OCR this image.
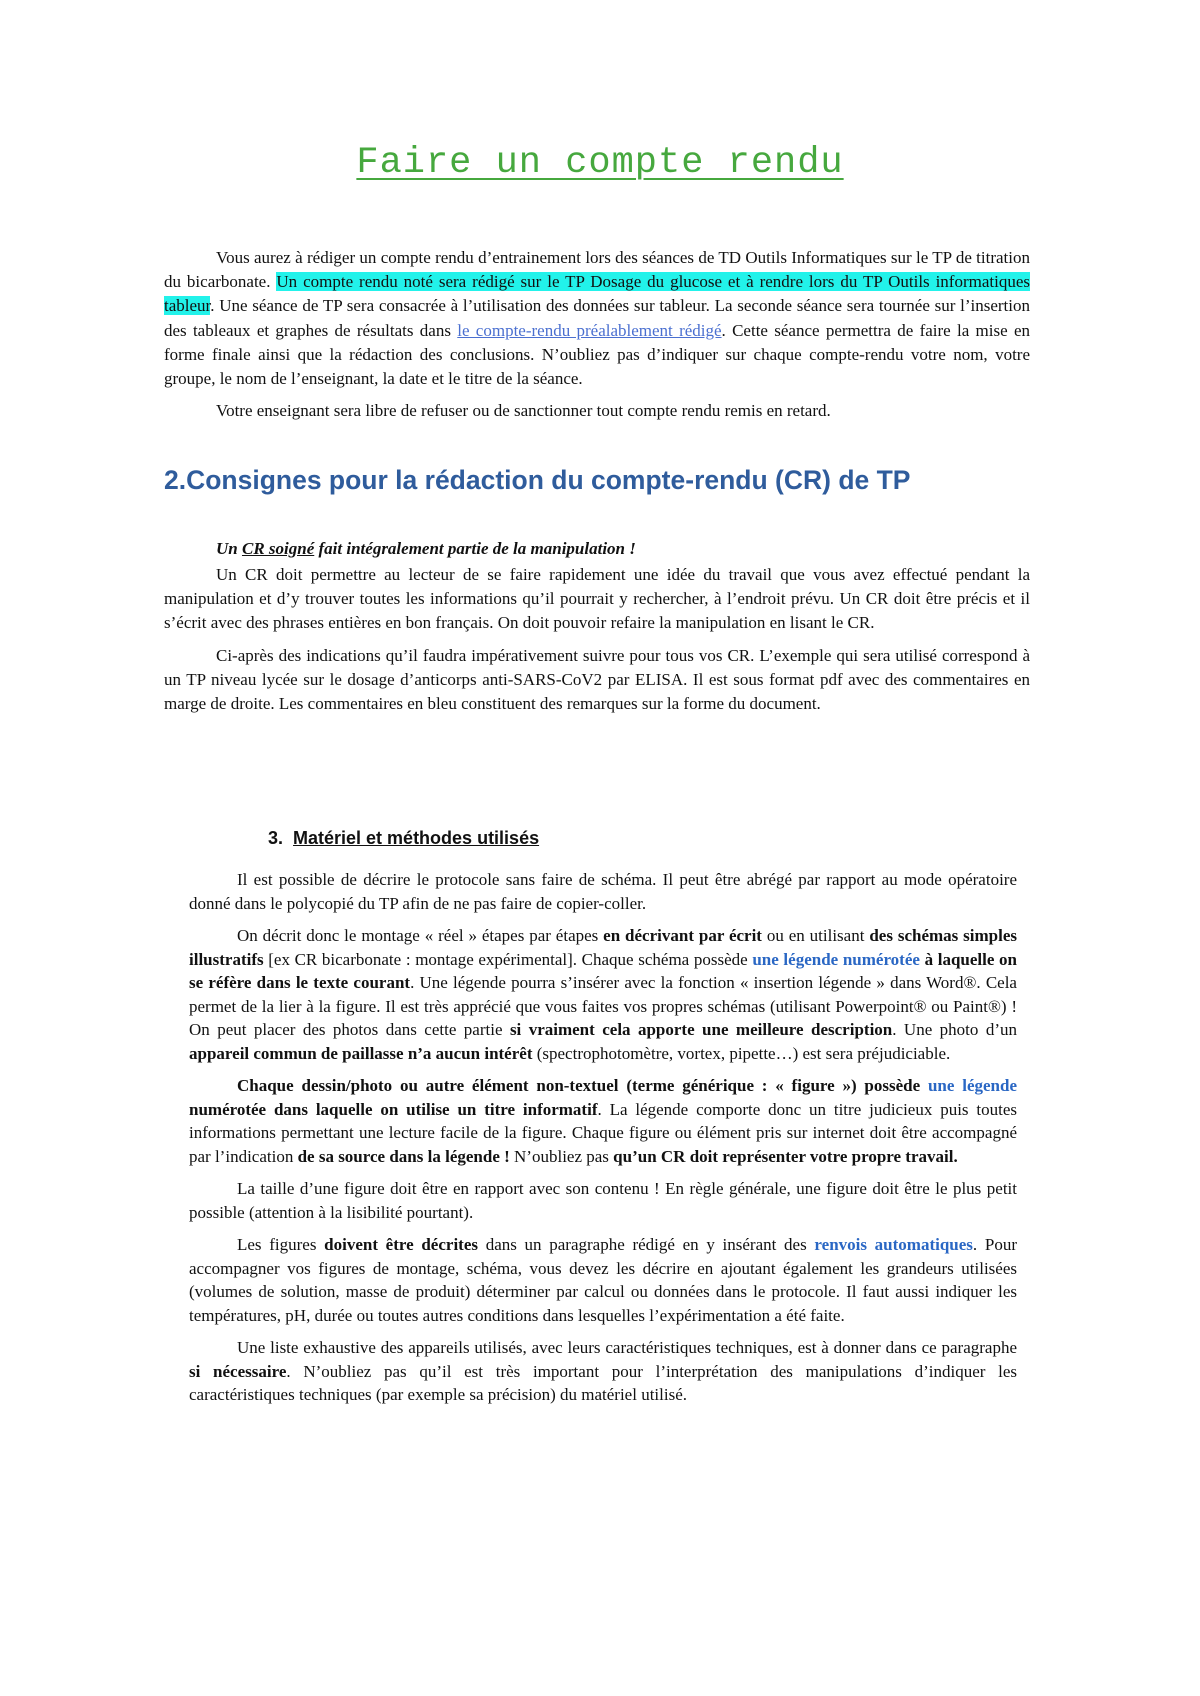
Faire un compte rendu

Vous aurez à rédiger un compte rendu d’entrainement lors des séances de TD Outils Informatiques sur le TP de titration du bicarbonate. Un compte rendu noté sera rédigé sur le TP Dosage du glucose et à rendre lors du TP Outils informatiques tableur. Une séance de TP sera consacrée à l’utilisation des données sur tableur. La seconde séance sera tournée sur l’insertion des tableaux et graphes de résultats dans le compte-rendu préalablement rédigé. Cette séance permettra de faire la mise en forme finale ainsi que la rédaction des conclusions. N’oubliez pas d’indiquer sur chaque compte-rendu votre nom, votre groupe, le nom de l’enseignant, la date et le titre de la séance.

Votre enseignant sera libre de refuser ou de sanctionner tout compte rendu remis en retard.

2.Consignes pour la rédaction du compte-rendu (CR) de TP

Un CR soigné fait intégralement partie de la manipulation !

Un CR doit permettre au lecteur de se faire rapidement une idée du travail que vous avez effectué pendant la manipulation et d’y trouver toutes les informations qu’il pourrait y rechercher, à l’endroit prévu. Un CR doit être précis et il s’écrit avec des phrases entières en bon français. On doit pouvoir refaire la manipulation en lisant le CR.

Ci-après des indications qu’il faudra impérativement suivre pour tous vos CR. L’exemple qui sera utilisé correspond à un TP niveau lycée sur le dosage d’anticorps anti-SARS-CoV2 par ELISA. Il est sous format pdf avec des commentaires en marge de droite. Les commentaires en bleu constituent des remarques sur la forme du document.

3. Matériel et méthodes utilisés

Il est possible de décrire le protocole sans faire de schéma. Il peut être abrégé par rapport au mode opératoire donné dans le polycopié du TP afin de ne pas faire de copier-coller.

On décrit donc le montage « réel » étapes par étapes en décrivant par écrit ou en utilisant des schémas simples illustratifs [ex CR bicarbonate : montage expérimental]. Chaque schéma possède une légende numérotée à laquelle on se réfère dans le texte courant. Une légende pourra s’insérer avec la fonction « insertion légende » dans Word®. Cela permet de la lier à la figure. Il est très apprécié que vous faites vos propres schémas (utilisant Powerpoint® ou Paint®) ! On peut placer des photos dans cette partie si vraiment cela apporte une meilleure description. Une photo d’un appareil commun de paillasse n’a aucun intérêt (spectrophotomètre, vortex, pipette…) est sera préjudiciable.

Chaque dessin/photo ou autre élément non-textuel (terme générique : « figure ») possède une légende numérotée dans laquelle on utilise un titre informatif. La légende comporte donc un titre judicieux puis toutes informations permettant une lecture facile de la figure. Chaque figure ou élément pris sur internet doit être accompagné par l’indication de sa source dans la légende ! N’oubliez pas qu’un CR doit représenter votre propre travail.

La taille d’une figure doit être en rapport avec son contenu ! En règle générale, une figure doit être le plus petit possible (attention à la lisibilité pourtant).

Les figures doivent être décrites dans un paragraphe rédigé en y insérant des renvois automatiques. Pour accompagner vos figures de montage, schéma, vous devez les décrire en ajoutant également les grandeurs utilisées (volumes de solution, masse de produit) déterminer par calcul ou données dans le protocole. Il faut aussi indiquer les températures, pH, durée ou toutes autres conditions dans lesquelles l’expérimentation a été faite.

Une liste exhaustive des appareils utilisés, avec leurs caractéristiques techniques, est à donner dans ce paragraphe si nécessaire. N’oubliez pas qu’il est très important pour l’interprétation des manipulations d’indiquer les caractéristiques techniques (par exemple sa précision) du matériel utilisé.
